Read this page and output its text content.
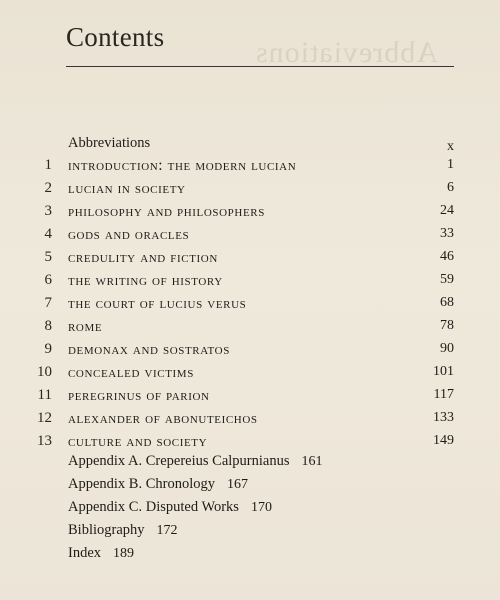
Abbreviations
Contents
Abbreviations	x
1 introduction: the modern lucian	1
2 lucian in society	6
3 philosophy and philosophers	24
4 gods and oracles	33
5 credulity and fiction	46
6 the writing of history	59
7 the court of lucius verus	68
8 rome	78
9 demonax and sostratos	90
10 concealed victims	101
11 peregrinus of parion	117
12 alexander of abonuteichos	133
13 culture and society	149
Appendix A. Crepereius Calpurnianus 161
Appendix B. Chronology 167
Appendix C. Disputed Works 170
Bibliography 172
Index 189
